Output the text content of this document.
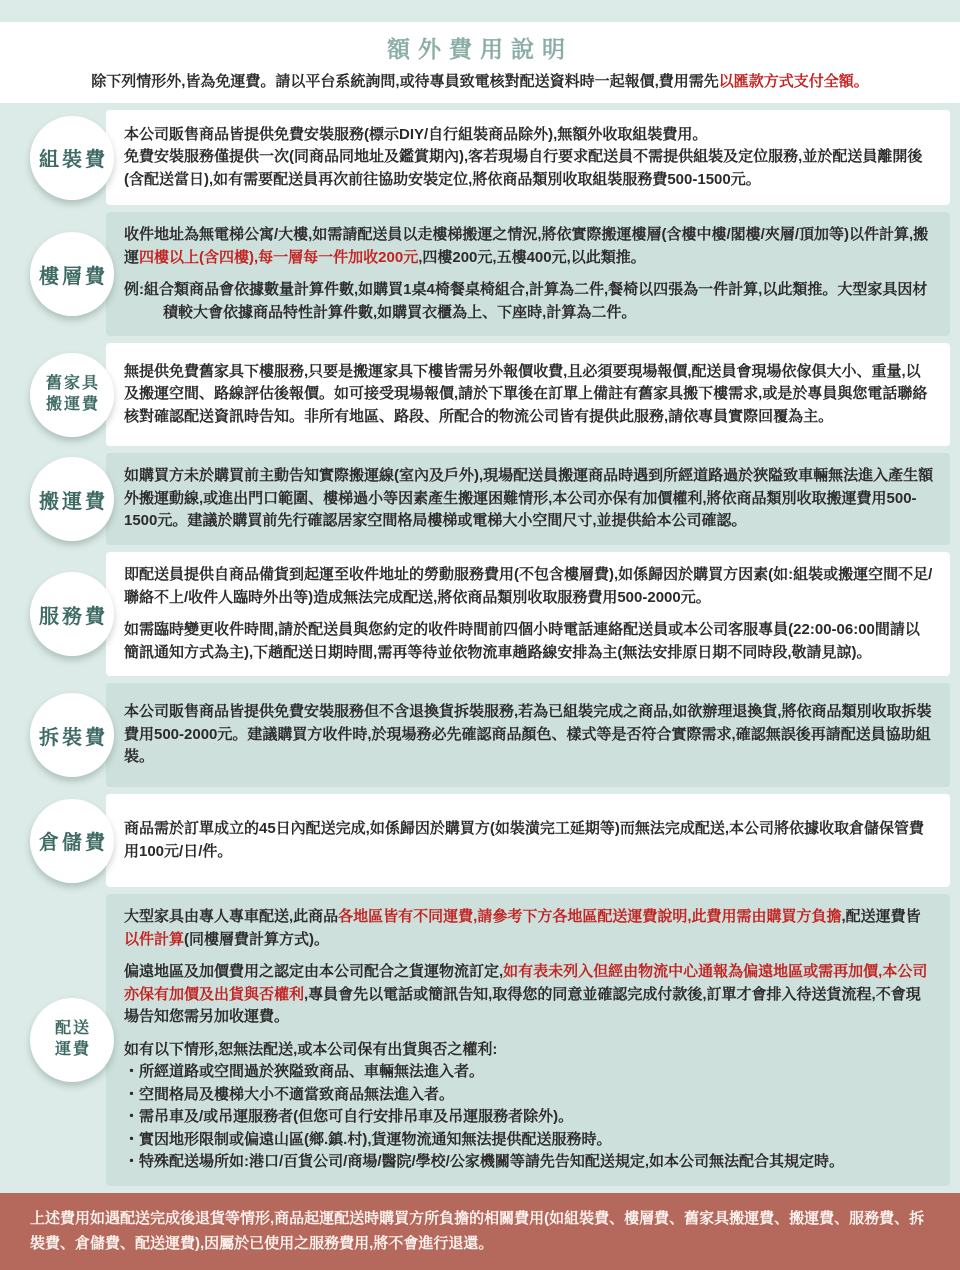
額外費用說明

除下列情形外,皆為免運費。請以平台系統詢問,或待專員致電核對配送資料時一起報價,費用需先以匯款方式支付全額。

組裝費

本公司販售商品皆提供免費安裝服務(標示DIY/自行組裝商品除外),無額外收取組裝費用。

免費安裝服務僅提供一次(同商品同地址及鑑賞期內),客若現場自行要求配送員不需提供組裝及定位服務,並於配送員離開後(含配送當日),如有需要配送員再次前往協助安裝定位,將依商品類別收取組裝服務費500-1500元。

樓層費

收件地址為無電梯公寓/大樓,如需請配送員以走樓梯搬運之情況,將依實際搬運樓層(含樓中樓/閣樓/夾層/頂加等)以件計算,搬運四樓以上(含四樓),每一層每一件加收200元,四樓200元,五樓400元,以此類推。

例:組合類商品會依據數量計算件數,如購買1桌4椅餐桌椅組合,計算為二件,餐椅以四張為一件計算,以此類推。大型家具因材積較大會依據商品特性計算件數,如購買衣櫃為上、下座時,計算為二件。

舊家具
搬運費

無提供免費舊家具下樓服務,只要是搬運家具下樓皆需另外報價收費,且必須要現場報價,配送員會現場依傢俱大小、重量,以及搬運空間、路線評估後報價。如可接受現場報價,請於下單後在訂單上備註有舊家具搬下樓需求,或是於專員與您電話聯絡核對確認配送資訊時告知。非所有地區、路段、所配合的物流公司皆有提供此服務,請依專員實際回覆為主。

搬運費

如購買方未於購買前主動告知實際搬運線(室內及戶外),現場配送員搬運商品時遇到所經道路過於狹隘致車輛無法進入產生額外搬運動線,或進出門口範圍、樓梯過小等因素產生搬運困難情形,本公司亦保有加價權利,將依商品類別收取搬運費用500-1500元。建議於購買前先行確認居家空間格局樓梯或電梯大小空間尺寸,並提供給本公司確認。

服務費

即配送員提供自商品備貨到起運至收件地址的勞動服務費用(不包含樓層費),如係歸因於購買方因素(如:組裝或搬運空間不足/聯絡不上/收件人臨時外出等)造成無法完成配送,將依商品類別收取服務費用500-2000元。

如需臨時變更收件時間,請於配送員與您約定的收件時間前四個小時電話連絡配送員或本公司客服專員(22:00-06:00間請以簡訊通知方式為主),下趟配送日期時間,需再等待並依物流車趟路線安排為主(無法安排原日期不同時段,敬請見諒)。

拆裝費

本公司販售商品皆提供免費安裝服務但不含退換貨拆裝服務,若為已組裝完成之商品,如欲辦理退換貨,將依商品類別收取拆裝費用500-2000元。建議購買方收件時,於現場務必先確認商品顏色、樣式等是否符合實際需求,確認無誤後再請配送員協助組裝。

倉儲費

商品需於訂單成立的45日內配送完成,如係歸因於購買方(如裝潢完工延期等)而無法完成配送,本公司將依據收取倉儲保管費用100元/日/件。

配送
運費

大型家具由專人專車配送,此商品各地區皆有不同運費,請參考下方各地區配送運費說明,此費用需由購買方負擔,配送運費皆以件計算(同樓層費計算方式)。

偏遠地區及加價費用之認定由本公司配合之貨運物流訂定,如有表未列入但經由物流中心通報為偏遠地區或需再加價,本公司亦保有加價及出貨與否權利,專員會先以電話或簡訊告知,取得您的同意並確認完成付款後,訂單才會排入待送貨流程,不會現場告知您需另加收運費。

如有以下情形,恕無法配送,或本公司保有出貨與否之權利:

・所經道路或空間過於狹隘致商品、車輛無法進入者。

・空間格局及樓梯大小不適當致商品無法進入者。

・需吊車及/或吊運服務者(但您可自行安排吊車及吊運服務者除外)。

・實因地形限制或偏遠山區(鄉.鎮.村),貨運物流通知無法提供配送服務時。

・特殊配送場所如:港口/百貨公司/商場/醫院/學校/公家機關等請先告知配送規定,如本公司無法配合其規定時。

上述費用如遇配送完成後退貨等情形,商品起運配送時購買方所負擔的相關費用(如組裝費、樓層費、舊家具搬運費、搬運費、服務費、拆裝費、倉儲費、配送運費),因屬於已使用之服務費用,將不會進行退還。
